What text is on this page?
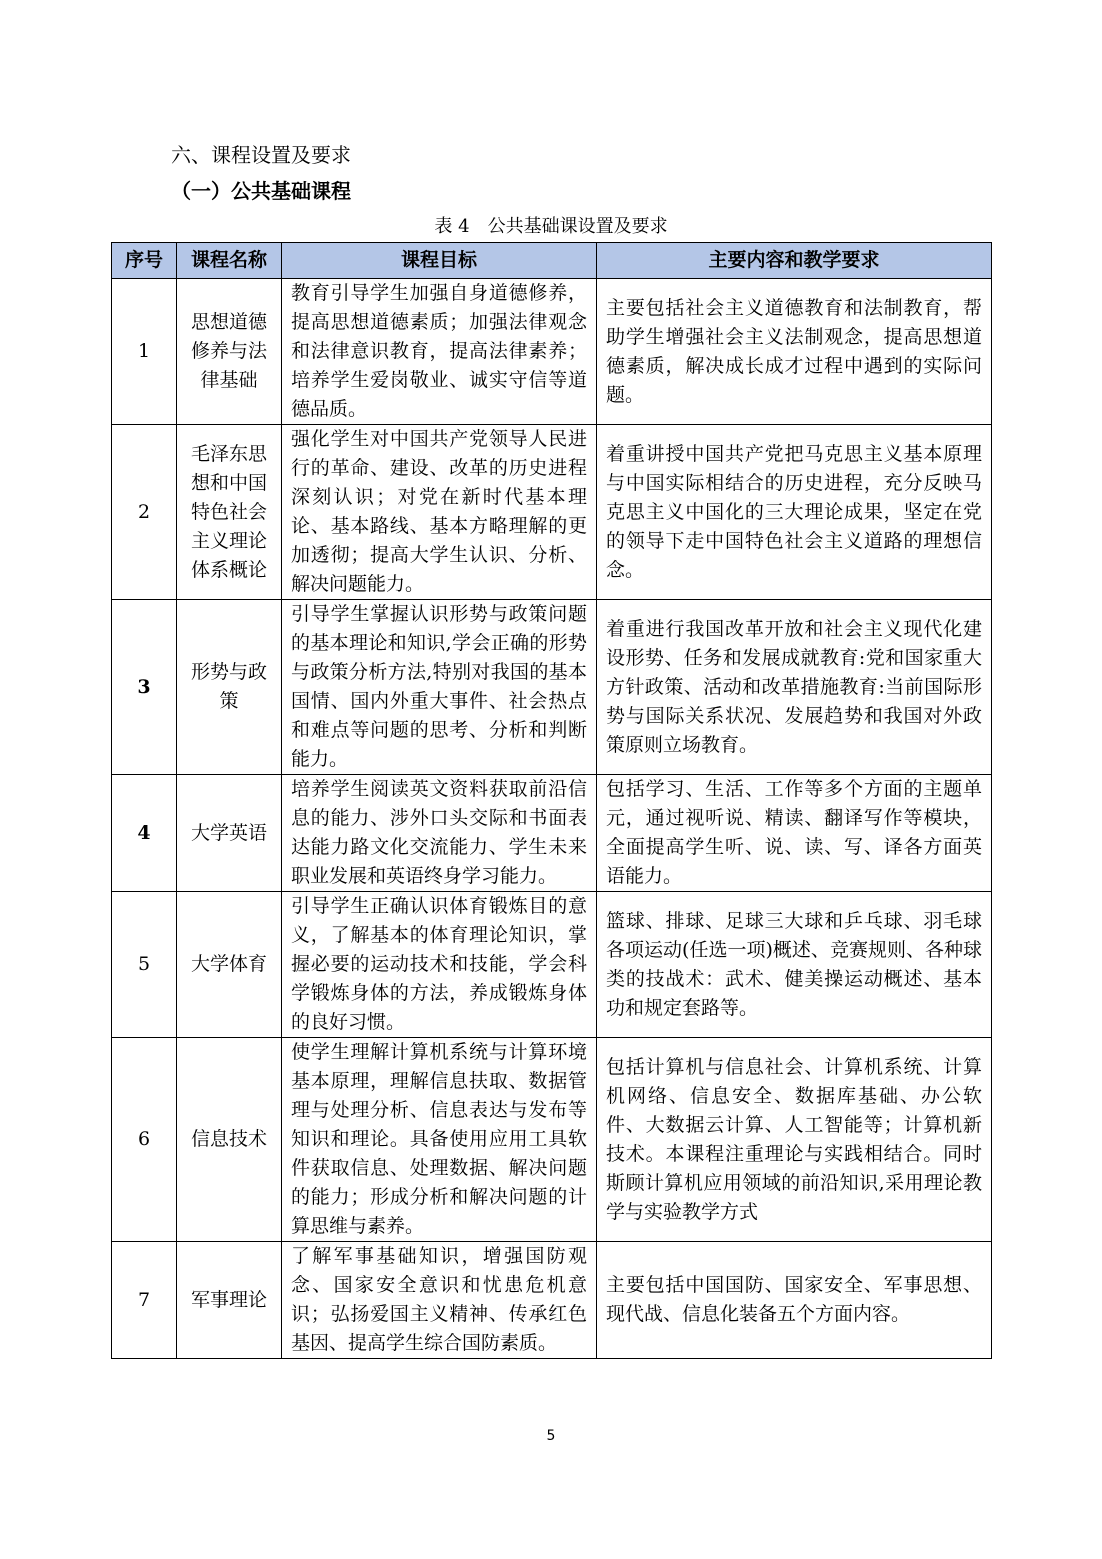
六、课程设置及要求
（一）公共基础课程
表 4　公共基础课设置及要求
序号	课程名称	课程目标	主要内容和教学要求
1	思想道德修养与法律基础	教育引导学生加强自身道德修养，提高思想道德素质；加强法律观念和法律意识教育，提高法律素养；培养学生爱岗敬业、诚实守信等道德品质。	主要包括社会主义道德教育和法制教育，帮助学生增强社会主义法制观念，提高思想道德素质，解决成长成才过程中遇到的实际问题。
2	毛泽东思想和中国特色社会主义理论体系概论	强化学生对中国共产党领导人民进行的革命、建设、改革的历史进程深刻认识；对党在新时代基本理论、基本路线、基本方略理解的更加透彻；提高大学生认识、分析、解决问题能力。	着重讲授中国共产党把马克思主义基本原理与中国实际相结合的历史进程，充分反映马克思主义中国化的三大理论成果，坚定在党的领导下走中国特色社会主义道路的理想信念。
3	形势与政策	引导学生掌握认识形势与政策问题的基本理论和知识,学会正确的形势与政策分析方法,特别对我国的基本国情、国内外重大事件、社会热点和难点等问题的思考、分析和判断能力。	着重进行我国改革开放和社会主义现代化建设形势、任务和发展成就教育:党和国家重大方针政策、活动和改革措施教育:当前国际形势与国际关系状况、发展趋势和我国对外政策原则立场教育。
4	大学英语	培养学生阅读英文资料获取前沿信息的能力、涉外口头交际和书面表达能力路文化交流能力、学生未来职业发展和英语终身学习能力。	包括学习、生活、工作等多个方面的主题单元，通过视听说、精读、翻译写作等模块，全面提高学生听、说、读、写、译各方面英语能力。
5	大学体育	引导学生正确认识体育锻炼目的意义，了解基本的体育理论知识，掌握必要的运动技术和技能，学会科学锻炼身体的方法，养成锻炼身体的良好习惯。	篮球、排球、足球三大球和乒乓球、羽毛球各项运动(任选一项)概述、竞赛规则、各种球类的技战术：武术、健美操运动概述、基本功和规定套路等。
6	信息技术	使学生理解计算机系统与计算环境基本原理，理解信息扶取、数据管理与处理分析、信息表达与发布等知识和理论。具备使用应用工具软件获取信息、处理数据、解决问题的能力；形成分析和解决问题的计算思维与素养。	包括计算机与信息社会、计算机系统、计算机网络、信息安全、数据库基础、办公软件、大数据云计算、人工智能等；计算机新技术。本课程注重理论与实践相结合。同时斯顾计算机应用领域的前沿知识,采用理论教学与实验教学方式
7	军事理论	了解军事基础知识，增强国防观念、国家安全意识和忧患危机意识；弘扬爱国主义精神、传承红色基因、提高学生综合国防素质。	主要包括中国国防、国家安全、军事思想、现代战、信息化装备五个方面内容。
5
